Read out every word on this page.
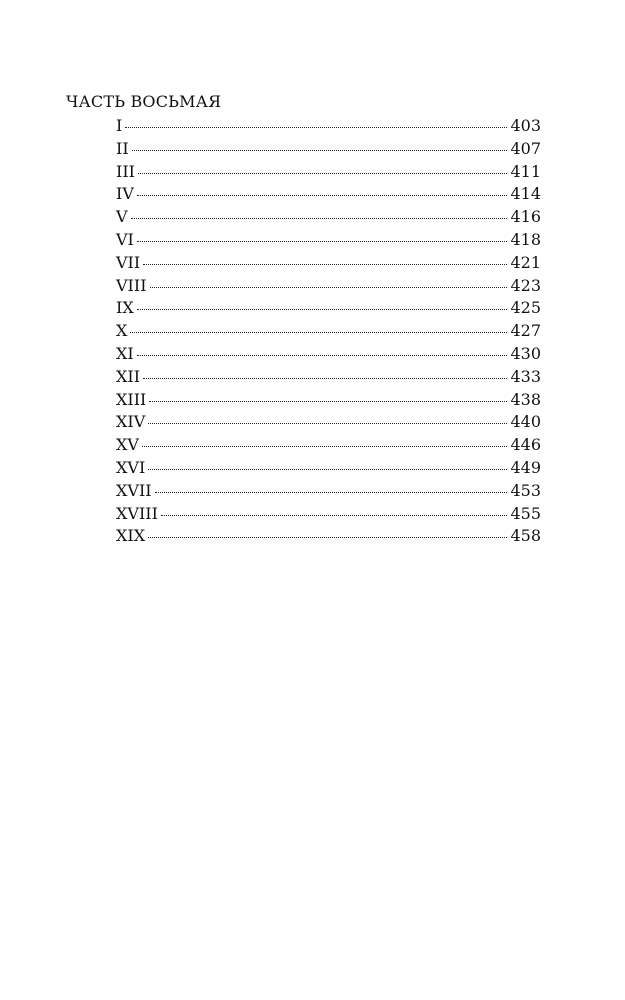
ЧАСТЬ ВОСЬМАЯ
I	403
II	407
III	411
IV	414
V	416
VI	418
VII	421
VIII	423
IX	425
X	427
XI	430
XII	433
XIII	438
XIV	440
XV	446
XVI	449
XVII	453
XVIII	455
XIX	458
